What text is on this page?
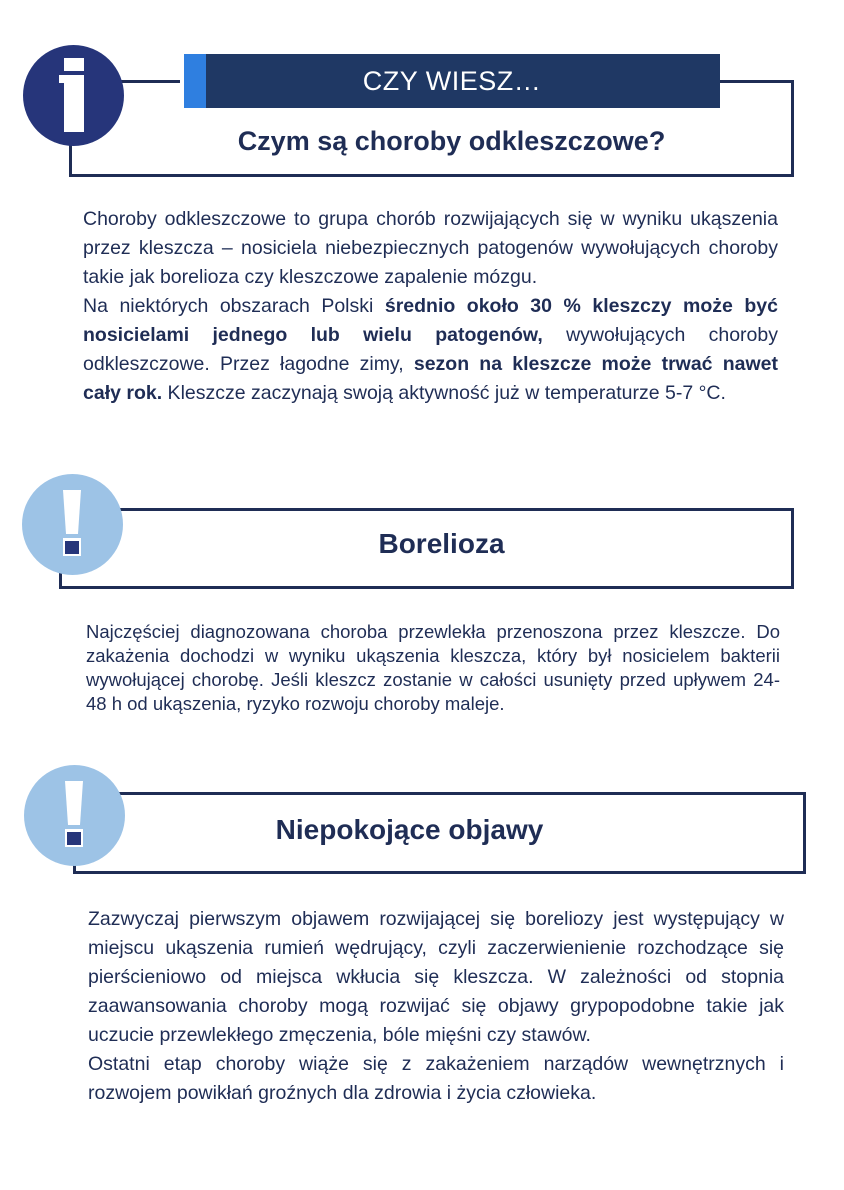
CZY WIESZ…
Czym są choroby odkleszczowe?

Choroby odkleszczowe to grupa chorób rozwijających się w wyniku ukąszenia przez kleszcza – nosiciela niebezpiecznych patogenów wywołujących choroby takie jak borelioza czy kleszczowe zapalenie mózgu.

Na niektórych obszarach Polski średnio około 30 % kleszczy może być nosicielami jednego lub wielu patogenów, wywołujących choroby odkleszczowe. Przez łagodne zimy, sezon na kleszcze może trwać nawet cały rok. Kleszcze zaczynają swoją aktywność już w temperaturze 5-7 °C.

Borelioza

Najczęściej diagnozowana choroba przewlekła przenoszona przez kleszcze. Do zakażenia dochodzi w wyniku ukąszenia kleszcza, który był nosicielem bakterii wywołującej chorobę. Jeśli kleszcz zostanie w całości usunięty przed upływem 24-48 h od ukąszenia, ryzyko rozwoju choroby maleje.

Niepokojące objawy

Zazwyczaj pierwszym objawem rozwijającej się boreliozy jest występujący w miejscu ukąszenia rumień wędrujący, czyli zaczerwienienie rozchodzące się pierścieniowo od miejsca wkłucia się kleszcza. W zależności od stopnia zaawansowania choroby mogą rozwijać się objawy grypopodobne takie jak uczucie przewlekłego zmęczenia, bóle mięśni czy stawów.

Ostatni etap choroby wiąże się z zakażeniem narządów wewnętrznych i rozwojem powikłań groźnych dla zdrowia i życia człowieka.
